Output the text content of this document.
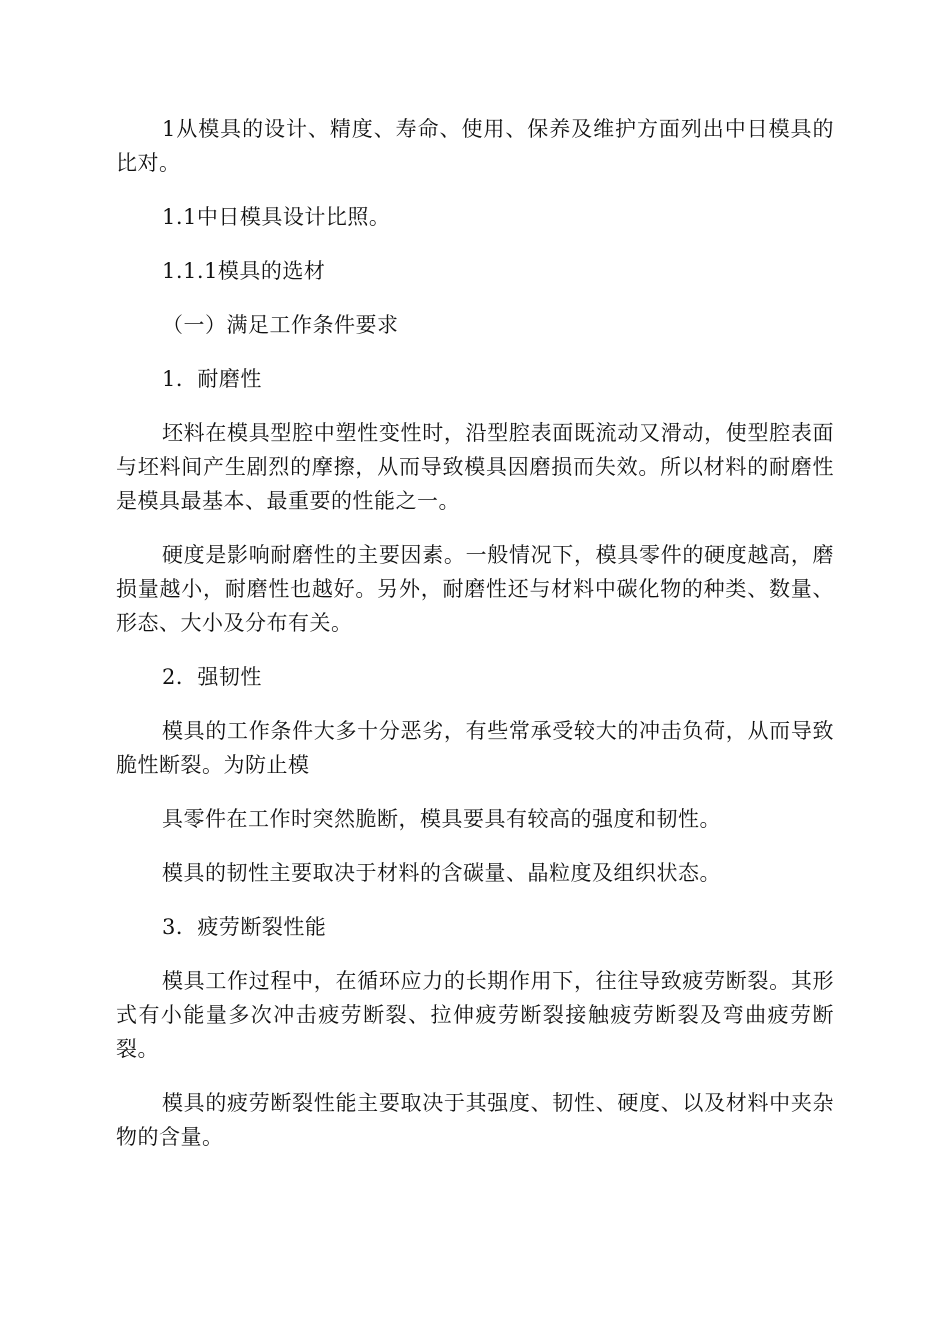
1从模具的设计、精度、寿命、使用、保养及维护方面列出中日模具的比对。

1.1中日模具设计比照。

1.1.1模具的选材

（一）满足工作条件要求

1．耐磨性

坯料在模具型腔中塑性变性时，沿型腔表面既流动又滑动，使型腔表面与坯料间产生剧烈的摩擦，从而导致模具因磨损而失效。所以材料的耐磨性是模具最基本、最重要的性能之一。

硬度是影响耐磨性的主要因素。一般情况下，模具零件的硬度越高，磨损量越小，耐磨性也越好。另外，耐磨性还与材料中碳化物的种类、数量、形态、大小及分布有关。

2．强韧性

模具的工作条件大多十分恶劣，有些常承受较大的冲击负荷，从而导致脆性断裂。为防止模

具零件在工作时突然脆断，模具要具有较高的强度和韧性。

模具的韧性主要取决于材料的含碳量、晶粒度及组织状态。

3．疲劳断裂性能

模具工作过程中，在循环应力的长期作用下，往往导致疲劳断裂。其形式有小能量多次冲击疲劳断裂、拉伸疲劳断裂接触疲劳断裂及弯曲疲劳断裂。

模具的疲劳断裂性能主要取决于其强度、韧性、硬度、以及材料中夹杂物的含量。
